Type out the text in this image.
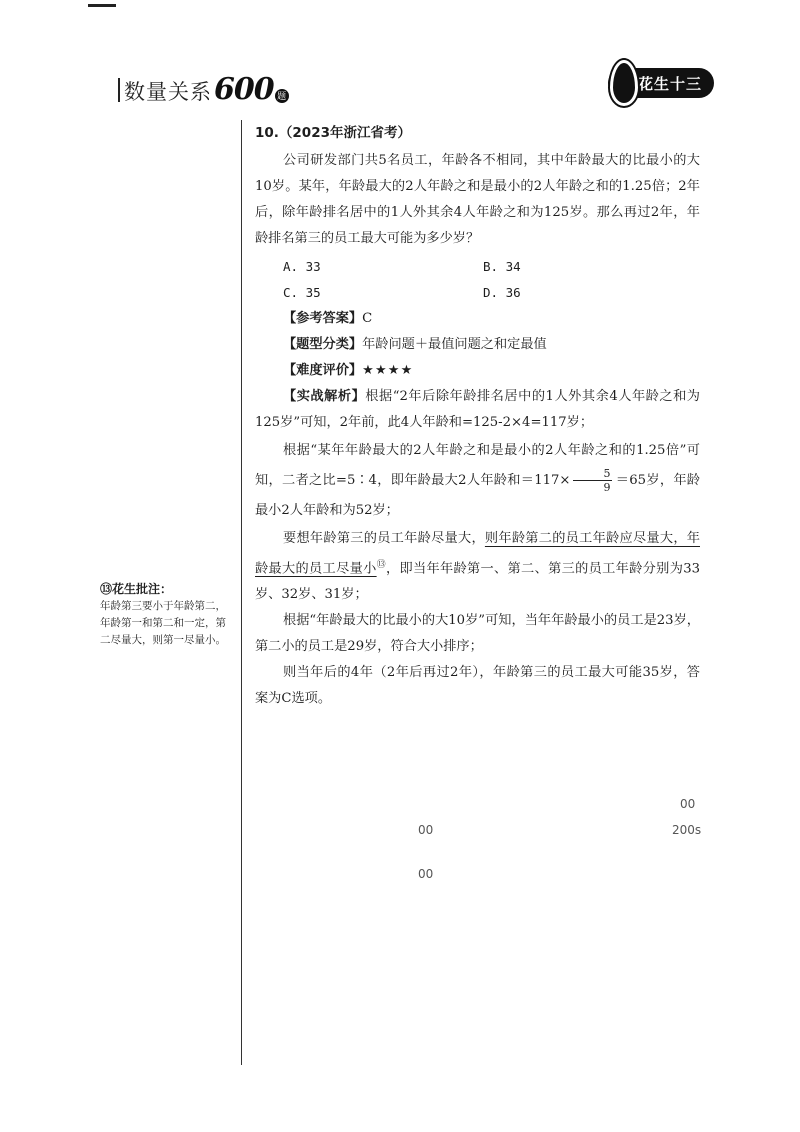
数量关系 600 题
花生十三
⑬花生批注：
年龄第三要小于年龄第二，年龄第一和第二和一定，第二尽量大，则第一尽量小。
10.（2023年浙江省考）

公司研发部门共5名员工，年龄各不相同，其中年龄最大的比最小的大10岁。某年，年龄最大的2人年龄之和是最小的2人年龄之和的1.25倍；2年后，除年龄排名居中的1人外其余4人年龄之和为125岁。那么再过2年，年龄排名第三的员工最大可能为多少岁？

A. 33	B. 34
C. 35	D. 36

【参考答案】C

【题型分类】年龄问题＋最值问题之和定最值

【难度评价】★★★★

【实战解析】根据“2年后除年龄排名居中的1人外其余4人年龄之和为125岁”可知，2年前，此4人年龄和=125-2×4=117岁；

根据“某年年龄最大的2人年龄之和是最小的2人年龄之和的1.25倍”可知，二者之比=5∶4，即年龄最大2人年龄和$=117\times \frac{5}{9} =65$岁，年龄最小2人年龄和为52岁；

要想年龄第三的员工年龄尽量大，则年龄第二的员工年龄应尽量大，年龄最大的员工尽量小⑬，即当年年龄第一、第二、第三的员工年龄分别为33岁、32岁、31岁；

根据“年龄最大的比最小的大10岁”可知，当年年龄最小的员工是23岁，第二小的员工是29岁，符合大小排序；

则当年后的4年（2年后再过2年），年龄第三的员工最大可能35岁，答案为C选项。

00
200s
00
00
